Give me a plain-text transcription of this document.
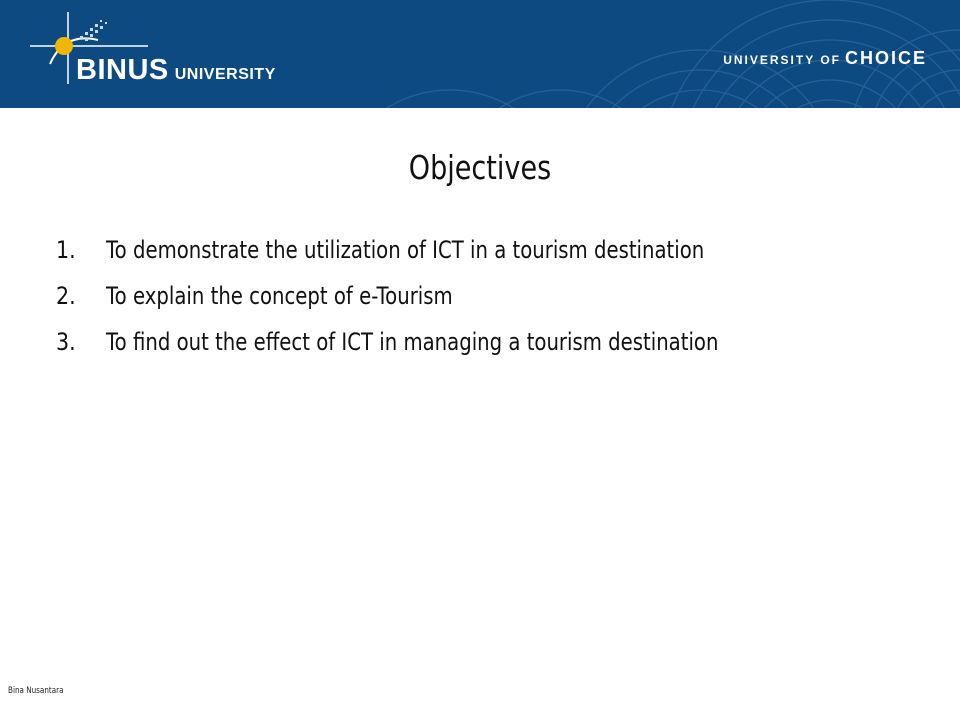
BINUS UNIVERSITY
UNIVERSITY OF CHOICE
Objectives
1.	To demonstrate the utilization of ICT in a tourism destination
2.	To explain the concept of e-Tourism
3.	To find out the effect of ICT in managing a tourism destination
Bina Nusantara
